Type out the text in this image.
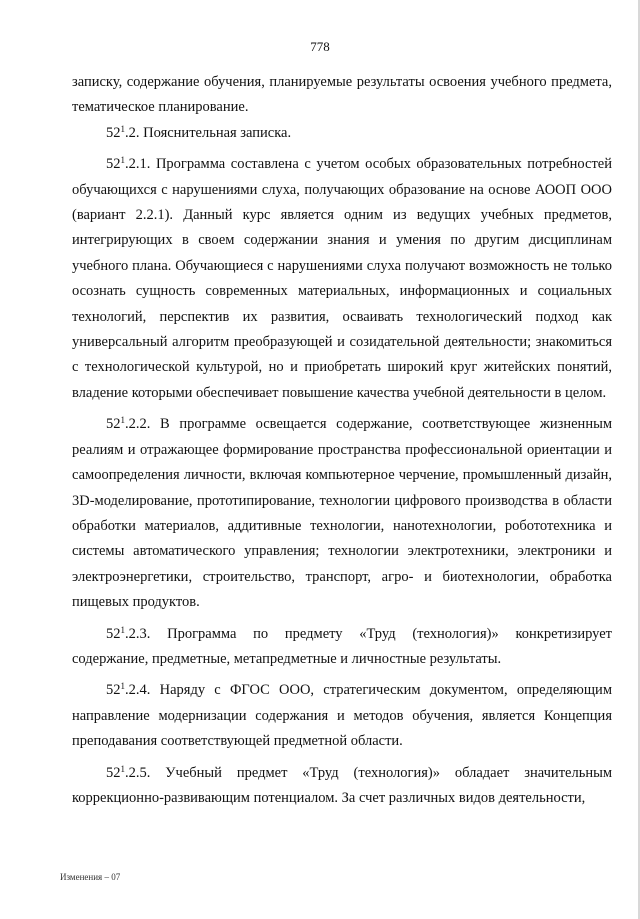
778

записку, содержание обучения, планируемые результаты освоения учебного предмета, тематическое планирование.

$52^1.2$. Пояснительная записка.

$52^1.2.1$. Программа составлена с учетом особых образовательных потребностей обучающихся с нарушениями слуха, получающих образование на основе АООП ООО (вариант 2.2.1). Данный курс является одним из ведущих учебных предметов, интегрирующих в своем содержании знания и умения по другим дисциплинам учебного плана. Обучающиеся с нарушениями слуха получают возможность не только осознать сущность современных материальных, информационных и социальных технологий, перспектив их развития, осваивать технологический подход как универсальный алгоритм преобразующей и созидательной деятельности; знакомиться с технологической культурой, но и приобретать широкий круг житейских понятий, владение которыми обеспечивает повышение качества учебной деятельности в целом.

$52^1.2.2$. В программе освещается содержание, соответствующее жизненным реалиям и отражающее формирование пространства профессиональной ориентации и самоопределения личности, включая компьютерное черчение, промышленный дизайн, 3D-моделирование, прототипирование, технологии цифрового производства в области обработки материалов, аддитивные технологии, нанотехнологии, робототехника и системы автоматического управления; технологии электротехники, электроники и электроэнергетики, строительство, транспорт, агро- и биотехнологии, обработка пищевых продуктов.

$52^1.2.3$. Программа по предмету «Труд (технология)» конкретизирует содержание, предметные, метапредметные и личностные результаты.

$52^1.2.4$. Наряду с ФГОС ООО, стратегическим документом, определяющим направление модернизации содержания и методов обучения, является Концепция преподавания соответствующей предметной области.

$52^1.2.5$. Учебный предмет «Труд (технология)» обладает значительным коррекционно-развивающим потенциалом. За счет различных видов деятельности,

Изменения – 07
